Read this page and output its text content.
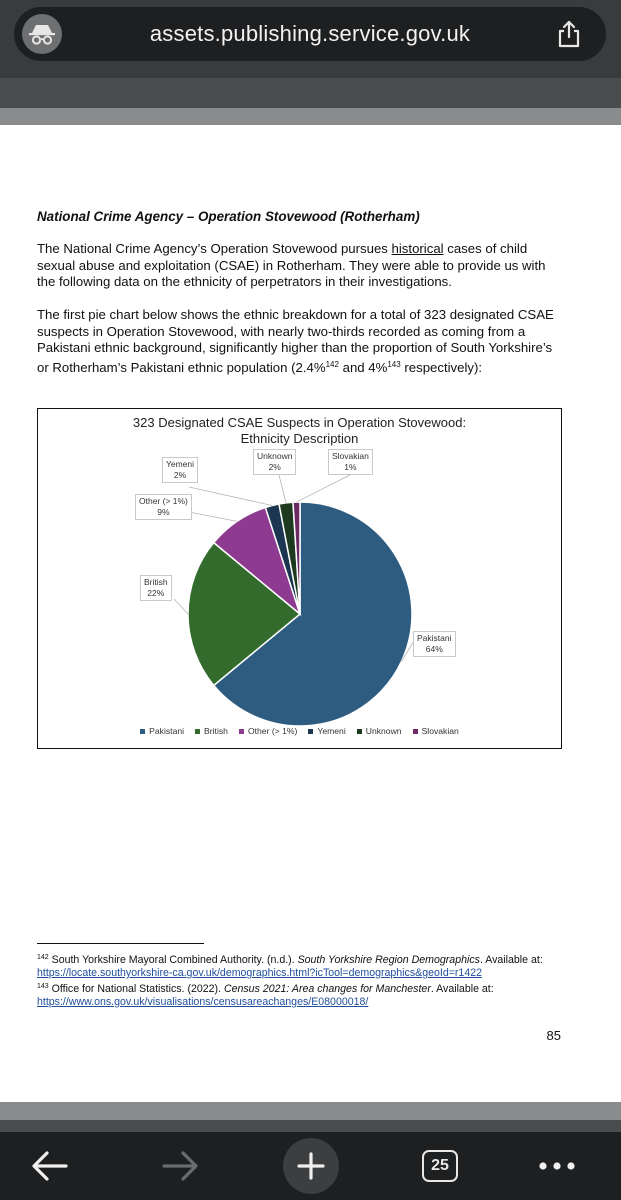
assets.publishing.service.gov.uk
National Crime Agency – Operation Stovewood (Rotherham)
The National Crime Agency’s Operation Stovewood pursues historical cases of child sexual abuse and exploitation (CSAE) in Rotherham. They were able to provide us with the following data on the ethnicity of perpetrators in their investigations.
The first pie chart below shows the ethnic breakdown for a total of 323 designated CSAE suspects in Operation Stovewood, with nearly two-thirds recorded as coming from a Pakistani ethnic background, significantly higher than the proportion of South Yorkshire’s or Rotherham’s Pakistani ethnic population (2.4%$^{142}$ and 4%$^{143}$ respectively):
323 Designated CSAE Suspects in Operation Stovewood:
Ethnicity Description
Pakistani
64%
British
22%
Other (> 1%)
9%
Yemeni
2%
Unknown
2%
Slovakian
1%
Pakistani British Other (> 1%) Yemeni Unknown Slovakian
$^{142}$ South Yorkshire Mayoral Combined Authority. (n.d.). South Yorkshire Region Demographics. Available at: https://locate.southyorkshire-ca.gov.uk/demographics.html?icTool=demographics&geoId=r1422
$^{143}$ Office for National Statistics. (2022). Census 2021: Area changes for Manchester. Available at: https://www.ons.gov.uk/visualisations/censusareachanges/E08000018/
85
25
